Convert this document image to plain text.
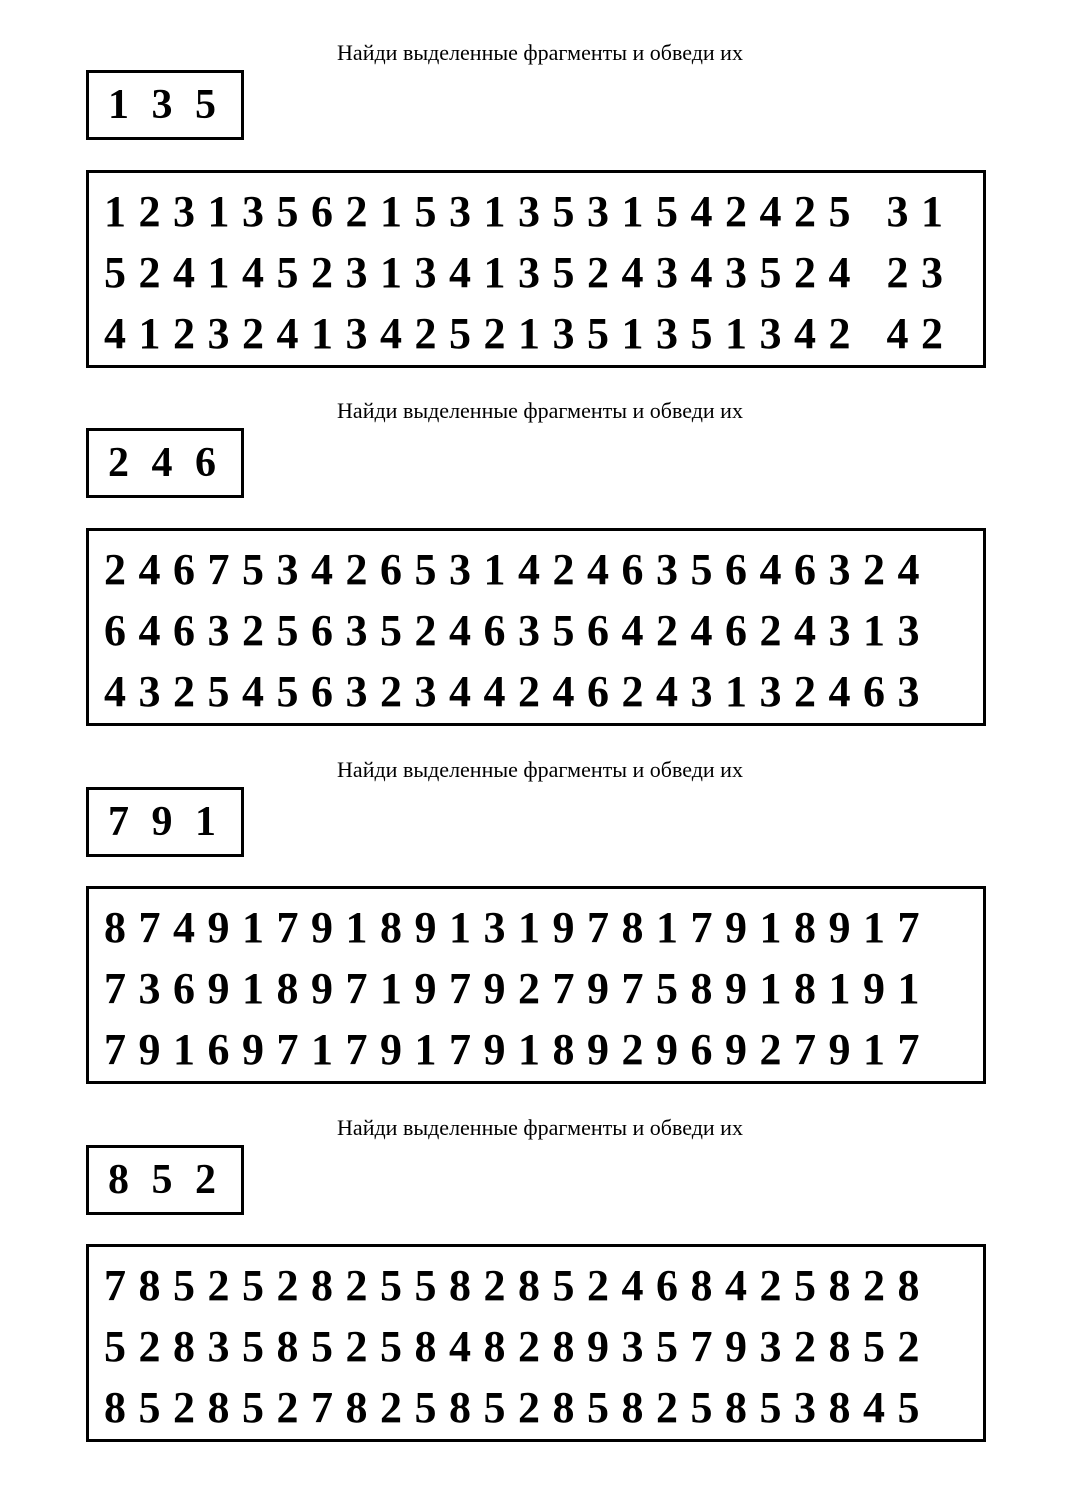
Найди выделенные фрагменты и обведи их
1 3 5
1231356215313531542425 31
5241452313413524343524 23
4123241342521351351342 42
Найди выделенные фрагменты и обведи их
2 4 6
246753426531424635646324
646325635246356424624313
432545632344246243132463
Найди выделенные фрагменты и обведи их
7 9 1
874917918913197817918917
736918971979279758918191
791697179179189296927917
Найди выделенные фрагменты и обведи их
8 5 2
785252825582852468425828
528358525848289357932852
852852782585285825853845
